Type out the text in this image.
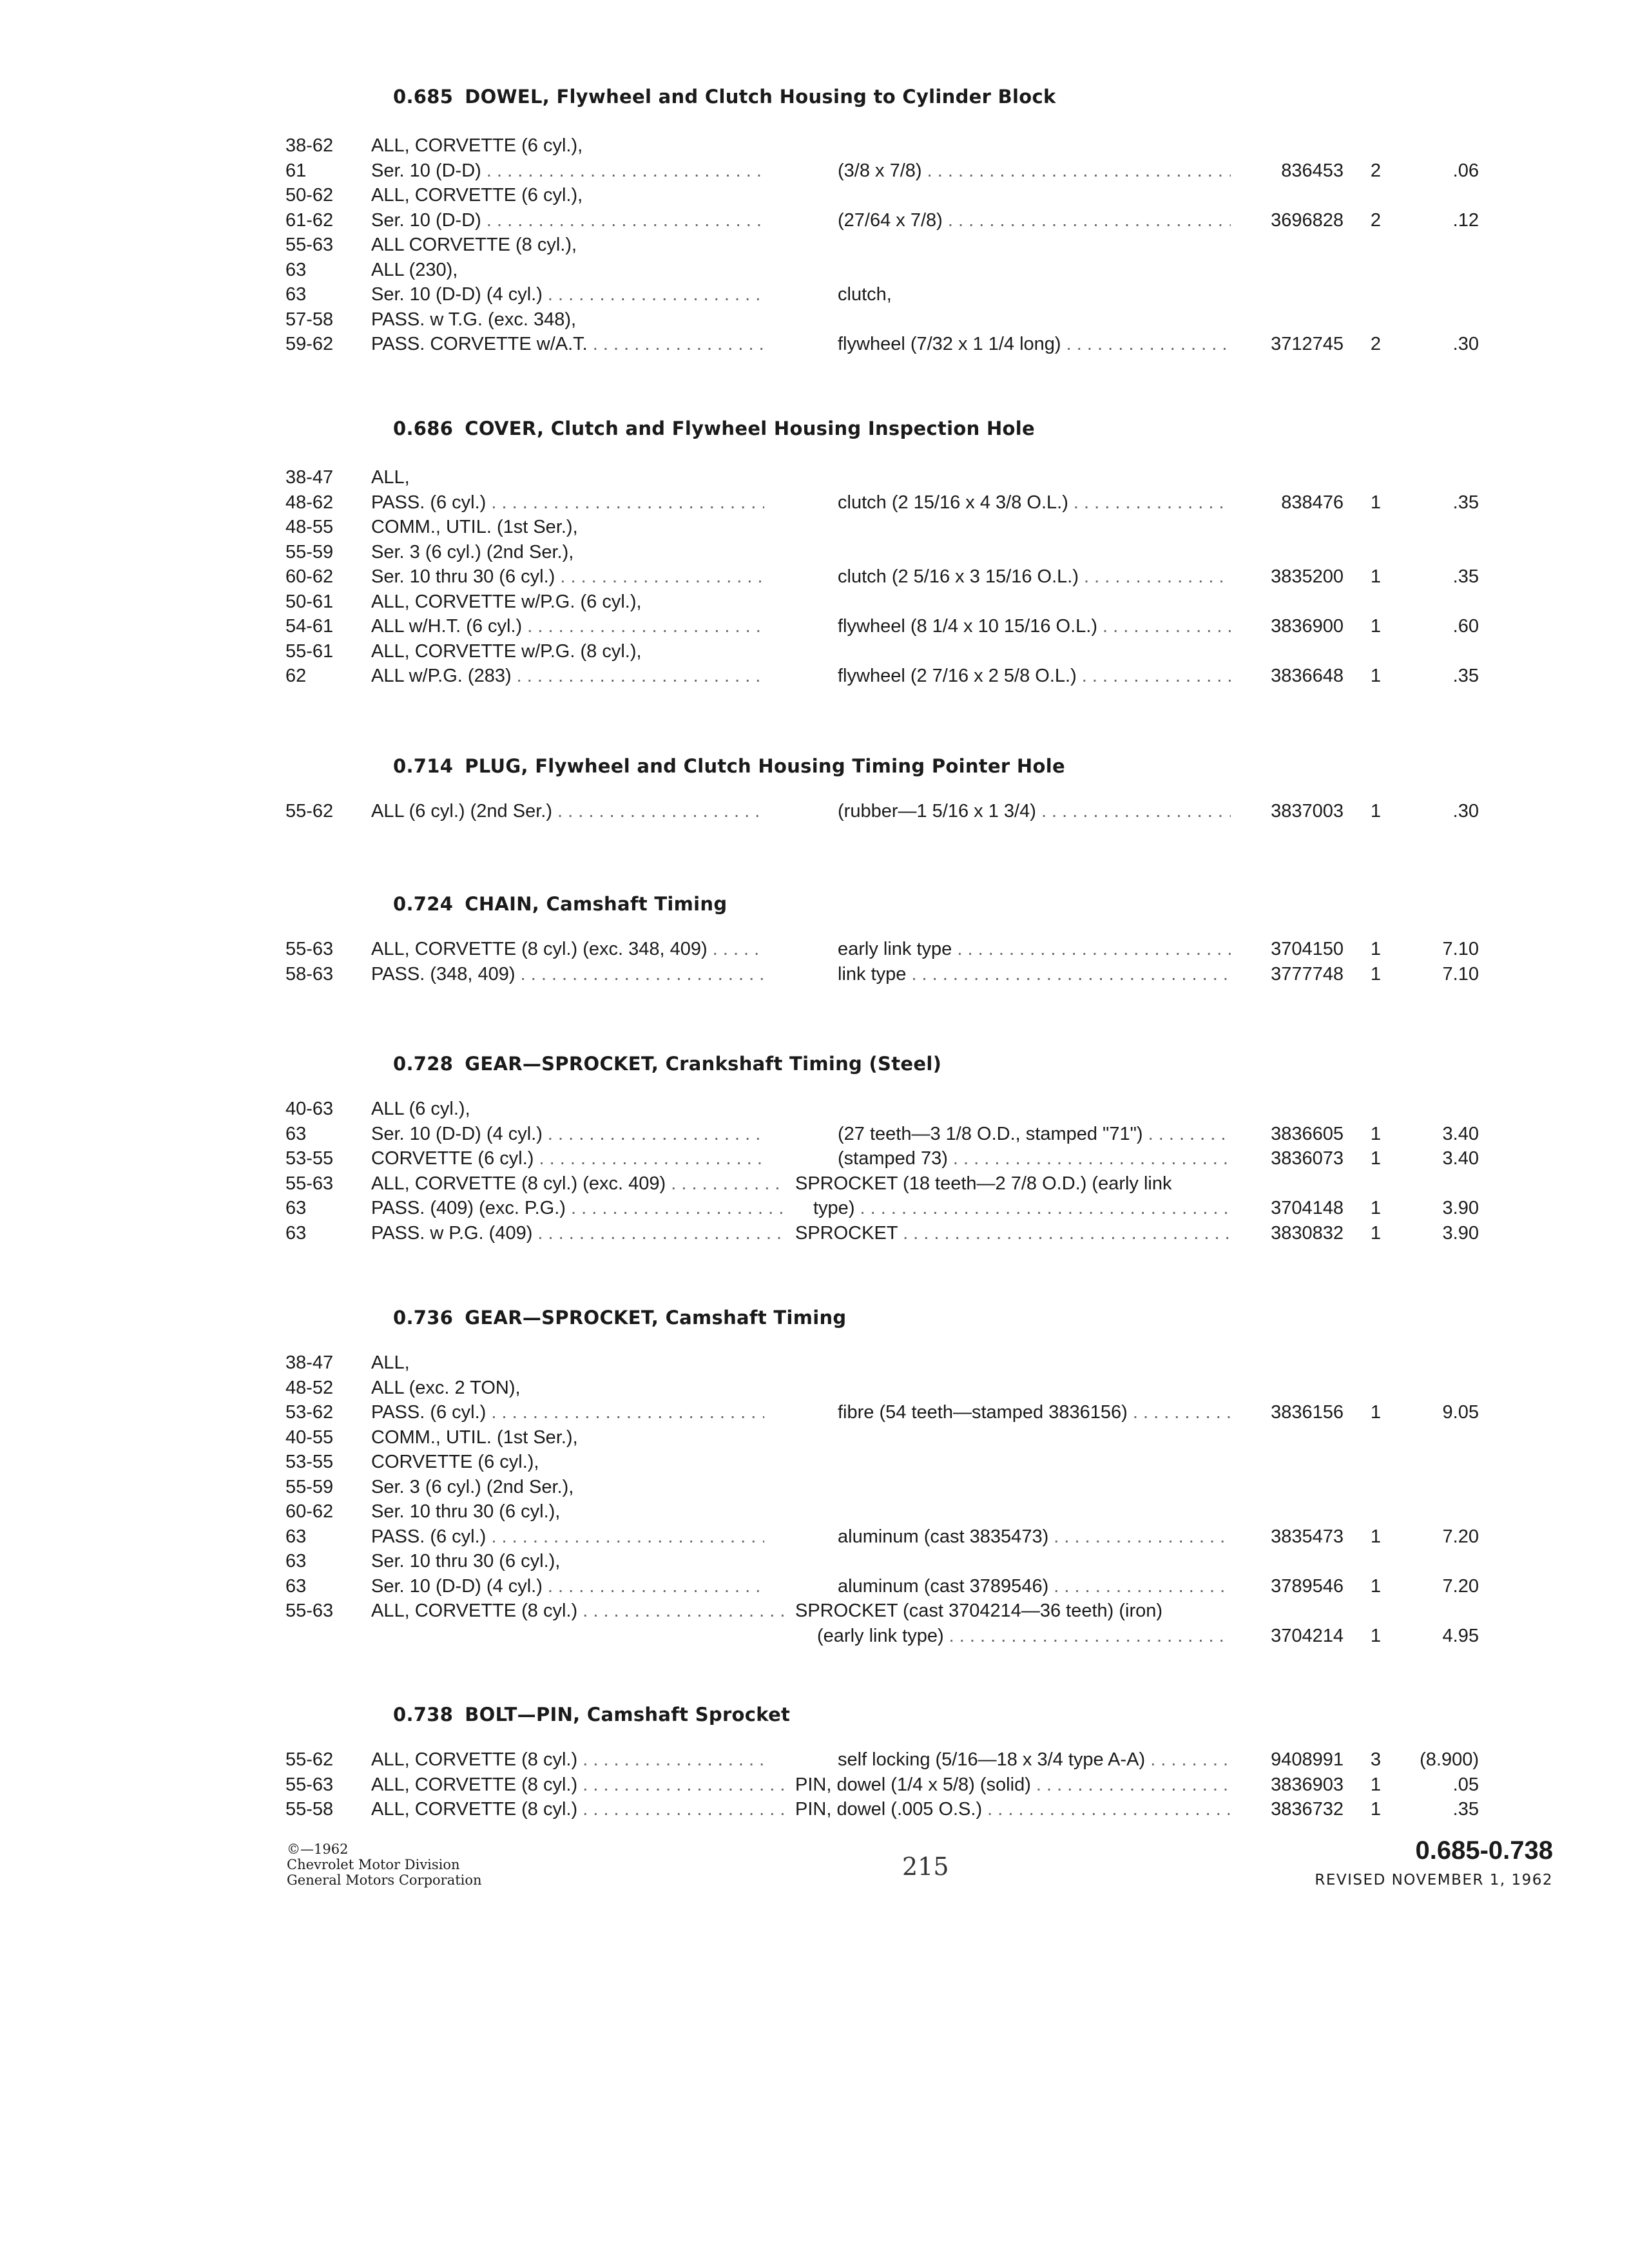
0.685 DOWEL, Flywheel and Clutch Housing to Cylinder Block
38-62	ALL, CORVETTE (6 cyl.),
61	Ser. 10 (D-D) . . .	(3/8 x 7/8) . . .	836453 2	.06
50-62	ALL, CORVETTE (6 cyl.),
61-62	Ser. 10 (D-D) . . .	(27/64 x 7/8) . . .	3696828 2	.12
55-63	ALL CORVETTE (8 cyl.),
63	ALL (230),
63	Ser. 10 (D-D) (4 cyl.) . . .	clutch,
57-58	PASS. w T.G. (exc. 348),
59-62	PASS. CORVETTE w/A.T. . . .	flywheel (7/32 x 1 1/4 long) . . .	3712745 2	.30
0.686 COVER, Clutch and Flywheel Housing Inspection Hole
38-47	ALL,
48-62	PASS. (6 cyl.) . . .	clutch (2 15/16 x 4 3/8 O.L.) . . .	838476 1	.35
48-55	COMM., UTIL. (1st Ser.),
55-59	Ser. 3 (6 cyl.) (2nd Ser.),
60-62	Ser. 10 thru 30 (6 cyl.) . . .	clutch (2 5/16 x 3 15/16 O.L.) . . .	3835200 1	.35
50-61	ALL, CORVETTE w/P.G. (6 cyl.),
54-61	ALL w/H.T. (6 cyl.) . . .	flywheel (8 1/4 x 10 15/16 O.L.) . . .	3836900 1	.60
55-61	ALL, CORVETTE w/P.G. (8 cyl.),
62	ALL w/P.G. (283) . . .	flywheel (2 7/16 x 2 5/8 O.L.) . . .	3836648 1	.35
0.714 PLUG, Flywheel and Clutch Housing Timing Pointer Hole
55-62	ALL (6 cyl.) (2nd Ser.) . . .	(rubber—1 5/16 x 1 3/4) . . .	3837003 1	.30
0.724 CHAIN, Camshaft Timing
55-63	ALL, CORVETTE (8 cyl.) (exc. 348, 409) . . .	early link type . . .	3704150 1	7.10
58-63	PASS. (348, 409) . . .	link type . . .	3777748 1	7.10
0.728 GEAR—SPROCKET, Crankshaft Timing (Steel)
40-63	ALL (6 cyl.),
63	Ser. 10 (D-D) (4 cyl.) . . .	(27 teeth—3 1/8 O.D., stamped "71") . . .	3836605 1	3.40
53-55	CORVETTE (6 cyl.) . . .	(stamped 73) . . .	3836073 1	3.40
55-63	ALL, CORVETTE (8 cyl.) (exc. 409) . . .	SPROCKET (18 teeth—2 7/8 O.D.) (early link
63	PASS. (409) (exc. P.G.) . . .	type) . . .	3704148 1	3.90
63	PASS. w P.G. (409) . . .	SPROCKET . . .	3830832 1	3.90
0.736 GEAR—SPROCKET, Camshaft Timing
38-47	ALL,
48-52	ALL (exc. 2 TON),
53-62	PASS. (6 cyl.) . . .	fibre (54 teeth—stamped 3836156) . . .	3836156 1	9.05
40-55	COMM., UTIL. (1st Ser.),
53-55	CORVETTE (6 cyl.),
55-59	Ser. 3 (6 cyl.) (2nd Ser.),
60-62	Ser. 10 thru 30 (6 cyl.),
63	PASS. (6 cyl.) . . .	aluminum (cast 3835473) . . .	3835473 1	7.20
63	Ser. 10 thru 30 (6 cyl.),
63	Ser. 10 (D-D) (4 cyl.) . . .	aluminum (cast 3789546) . . .	3789546 1	7.20
55-63	ALL, CORVETTE (8 cyl.) . . .	SPROCKET (cast 3704214—36 teeth) (iron)
(early link type) . . .	3704214 1	4.95
0.738 BOLT—PIN, Camshaft Sprocket
55-62	ALL, CORVETTE (8 cyl.) . . .	self locking (5/16—18 x 3/4 type A-A) . . .	9408991 3	(8.900)
55-63	ALL, CORVETTE (8 cyl.) . . .	PIN, dowel (1/4 x 5/8) (solid) . . .	3836903 1	.05
55-58	ALL, CORVETTE (8 cyl.) . . .	PIN, dowel (.005 O.S.) . . .	3836732 1	.35
©—1962
Chevrolet Motor Division
General Motors Corporation	215
0.685-0.738
REVISED NOVEMBER 1, 1962
